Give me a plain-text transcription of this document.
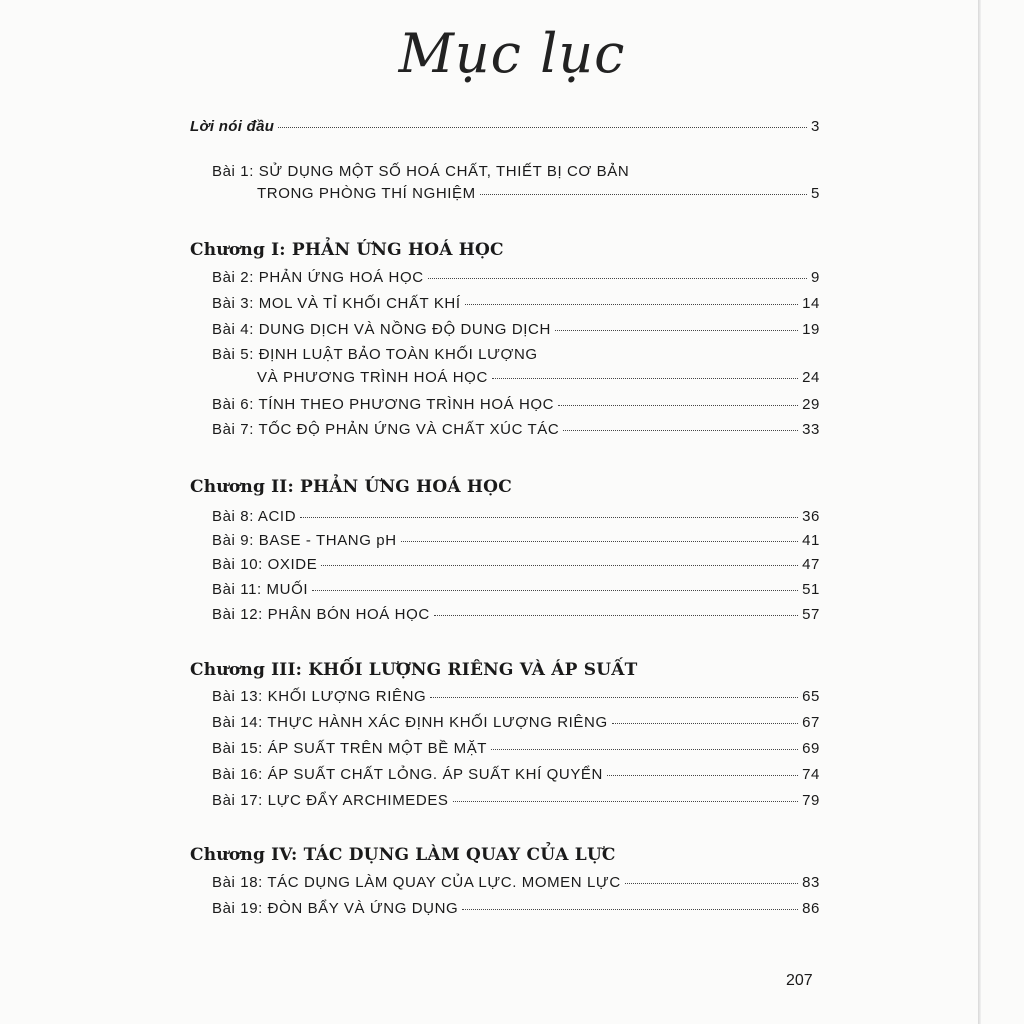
Mục lục
Lời nói đầu	3
Bài 1: SỬ DỤNG MỘT SỐ HOÁ CHẤT, THIẾT BỊ CƠ BẢN
TRONG PHÒNG THÍ NGHIỆM	5
Chương I: PHẢN ỨNG HOÁ HỌC
Bài 2: PHẢN ỨNG HOÁ HỌC	9
Bài 3: MOL VÀ TỈ KHỐI CHẤT KHÍ	14
Bài 4: DUNG DỊCH VÀ NỒNG ĐỘ DUNG DỊCH	19
Bài 5: ĐỊNH LUẬT BẢO TOÀN KHỐI LƯỢNG
VÀ PHƯƠNG TRÌNH HOÁ HỌC	24
Bài 6: TÍNH THEO PHƯƠNG TRÌNH HOÁ HỌC	29
Bài 7: TỐC ĐỘ PHẢN ỨNG VÀ CHẤT XÚC TÁC	33
Chương II: PHẢN ỨNG HOÁ HỌC
Bài 8: ACID	36
Bài 9: BASE - THANG pH	41
Bài 10: OXIDE	47
Bài 11: MUỐI	51
Bài 12: PHÂN BÓN HOÁ HỌC	57
Chương III: KHỐI LƯỢNG RIÊNG VÀ ÁP SUẤT
Bài 13: KHỐI LƯỢNG RIÊNG	65
Bài 14: THỰC HÀNH XÁC ĐỊNH KHỐI LƯỢNG RIÊNG	67
Bài 15: ÁP SUẤT TRÊN MỘT BỀ MẶT	69
Bài 16: ÁP SUẤT CHẤT LỎNG. ÁP SUẤT KHÍ QUYỂN	74
Bài 17: LỰC ĐẨY ARCHIMEDES	79
Chương IV: TÁC DỤNG LÀM QUAY CỦA LỰC
Bài 18: TÁC DỤNG LÀM QUAY CỦA LỰC. MOMEN LỰC	83
Bài 19: ĐÒN BẨY VÀ ỨNG DỤNG	86
207
